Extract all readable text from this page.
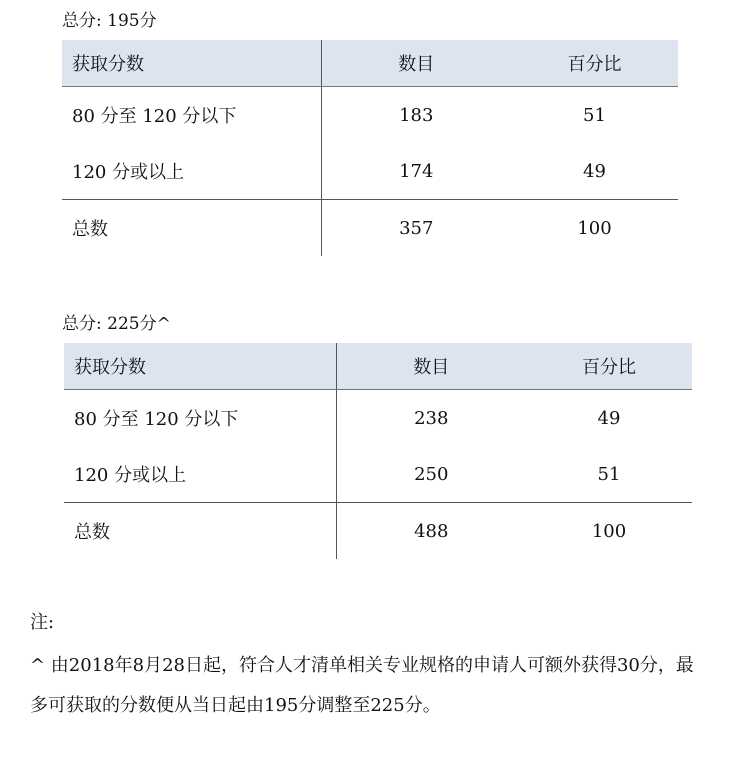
总分: 195分
获取分数	数目	百分比
80 分至 120 分以下	183	51
120 分或以上	174	49
总数	357	100
总分: 225分^
获取分数	数目	百分比
80 分至 120 分以下	238	49
120 分或以上	250	51
总数	488	100
注:
^ 由2018年8月28日起，符合人才清单相关专业规格的申请人可额外获得30分，最多可获取的分数便从当日起由195分调整至225分。
